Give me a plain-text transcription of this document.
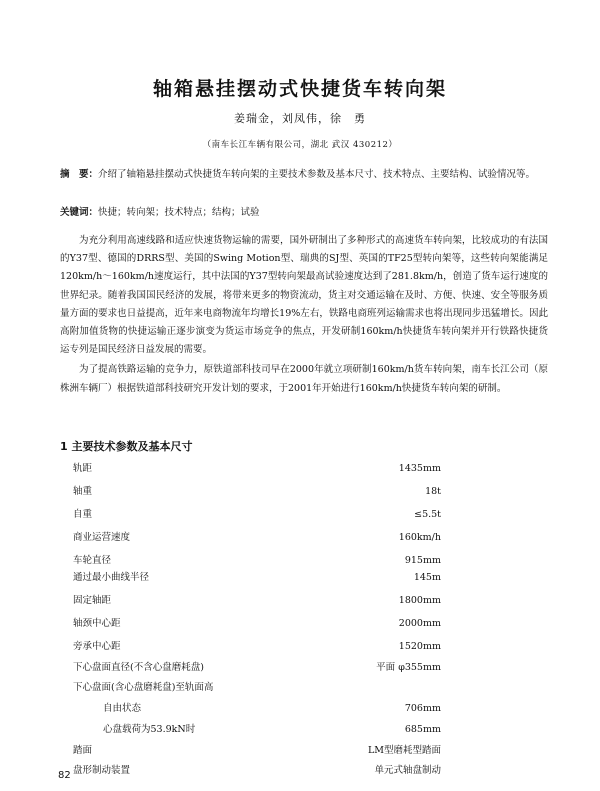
轴箱悬挂摆动式快捷货车转向架
姜瑞金，刘凤伟，徐　勇
（南车长江车辆有限公司，湖北 武汉 430212）
摘　要：介绍了轴箱悬挂摆动式快捷货车转向架的主要技术参数及基本尺寸、技术特点、主要结构、试验情况等。
关键词：快捷；转向架；技术特点；结构；试验

为充分利用高速线路和适应快速货物运输的需要，国外研制出了多种形式的高速货车转向架，比较成功的有法国的Y37型、德国的DRRS型、美国的Swing Motion型、瑞典的SJ型、英国的TF25型转向架等，这些转向架能满足120km/h～160km/h速度运行，其中法国的Y37型转向架最高试验速度达到了281.8km/h，创造了货车运行速度的世界纪录。随着我国国民经济的发展，将带来更多的物资流动，货主对交通运输在及时、方便、快速、安全等服务质量方面的要求也日益提高，近年来电商物流年均增长19%左右，铁路电商班列运输需求也将出现同步迅猛增长。因此高附加值货物的快捷运输正逐步演变为货运市场竞争的焦点，开发研制160km/h快捷货车转向架并开行铁路快捷货运专列是国民经济日益发展的需要。

为了提高铁路运输的竞争力，原铁道部科技司早在2000年就立项研制160km/h货车转向架，南车长江公司（原株洲车辆厂）根据铁道部科技研究开发计划的要求，于2001年开始进行160km/h快捷货车转向架的研制。

1 主要技术参数及基本尺寸
轨距	1435mm
轴重	18t
自重	≤5.5t
商业运营速度	160km/h
车轮直径	915mm
通过最小曲线半径	145m
固定轴距	1800mm
轴颈中心距	2000mm
旁承中心距	1520mm
下心盘面直径(不含心盘磨耗盘)	平面 φ355mm
下心盘面(含心盘磨耗盘)至轨面高
自由状态	706mm
心盘载荷为53.9kN时	685mm
踏面	LM型磨耗型踏面
盘形制动装置	单元式轴盘制动
82
